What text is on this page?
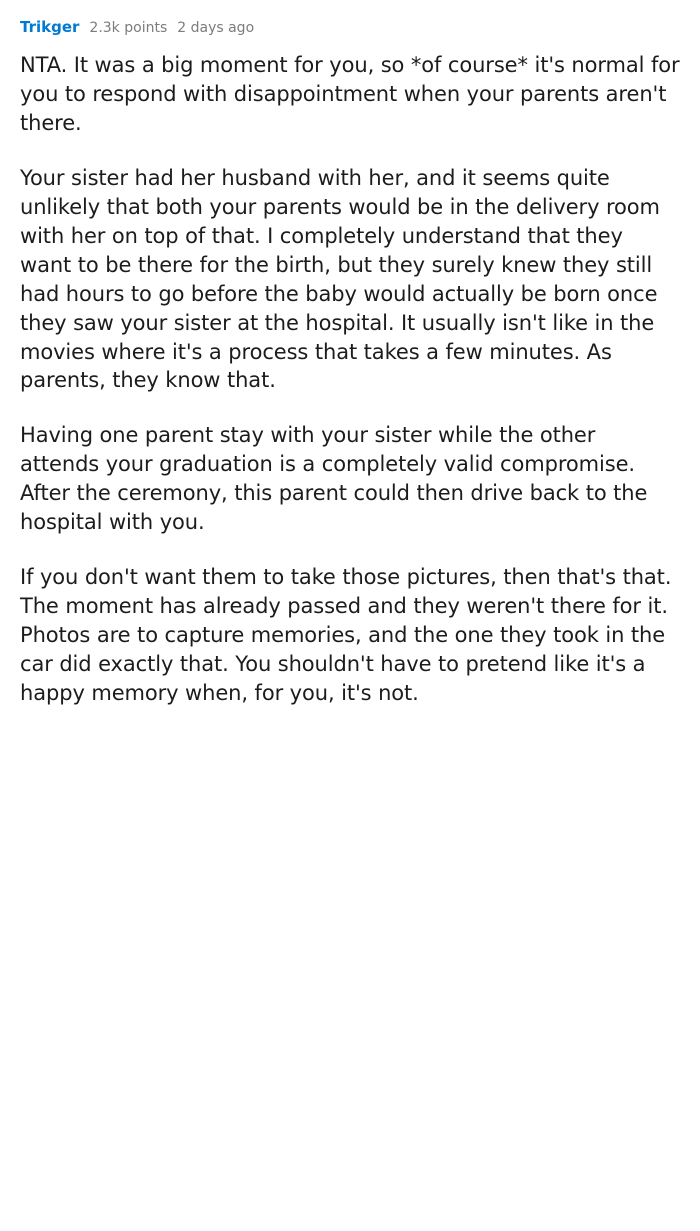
Trikger 2.3k points 2 days ago

NTA. It was a big moment for you, so *of course* it's normal for you to respond with disappointment when your parents aren't there.

Your sister had her husband with her, and it seems quite unlikely that both your parents would be in the delivery room with her on top of that. I completely understand that they want to be there for the birth, but they surely knew they still had hours to go before the baby would actually be born once they saw your sister at the hospital. It usually isn't like in the movies where it's a process that takes a few minutes. As parents, they know that.

Having one parent stay with your sister while the other attends your graduation is a completely valid compromise. After the ceremony, this parent could then drive back to the hospital with you.

If you don't want them to take those pictures, then that's that. The moment has already passed and they weren't there for it. Photos are to capture memories, and the one they took in the car did exactly that. You shouldn't have to pretend like it's a happy memory when, for you, it's not.
